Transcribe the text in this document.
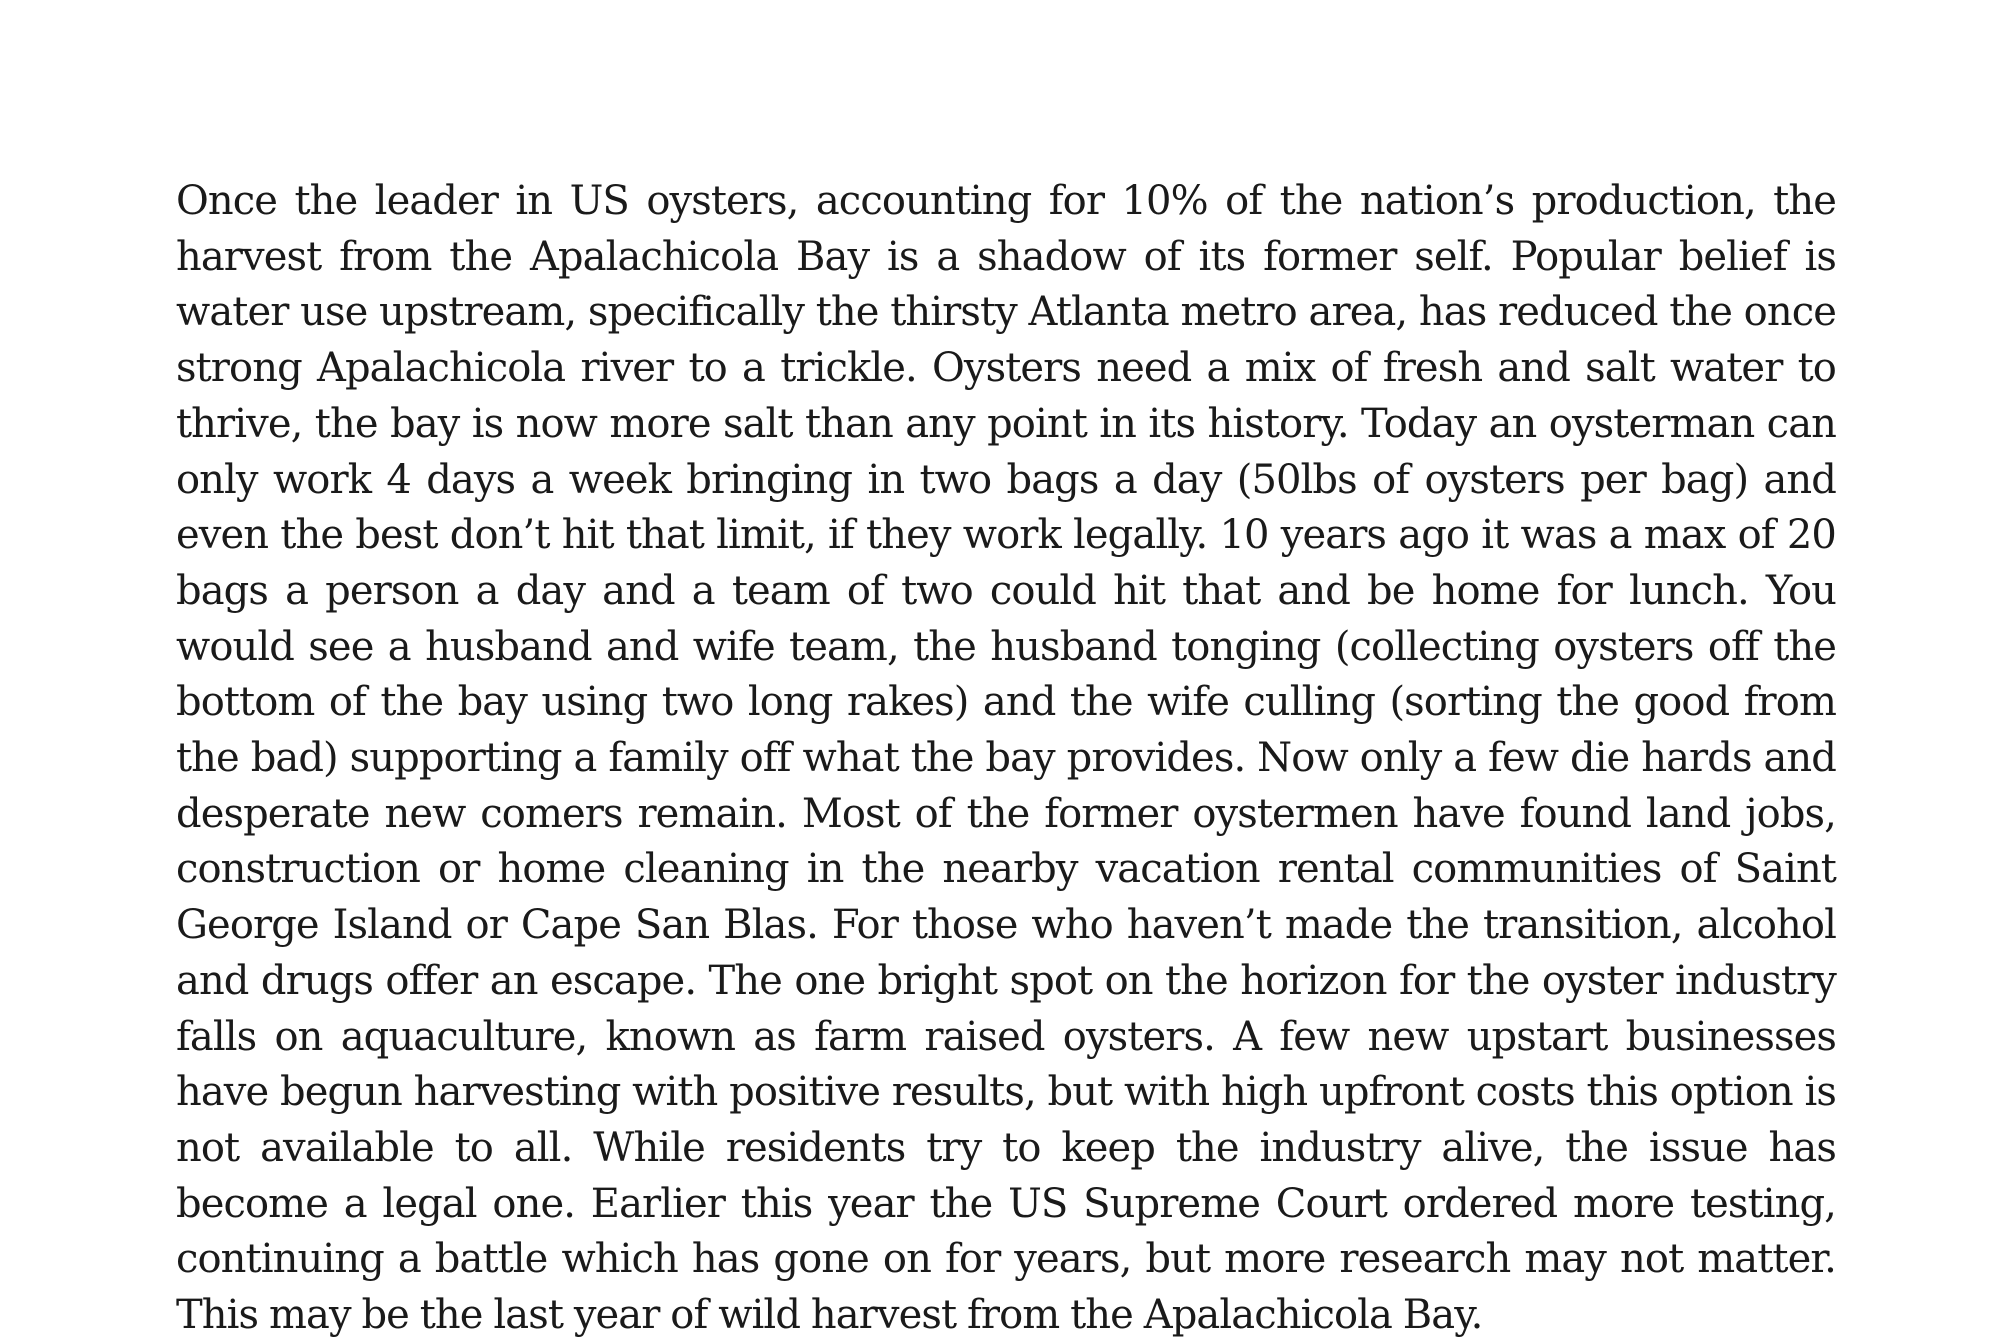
Once the leader in US oysters, accounting for 10% of the nation’s production, the harvest from the Apalachicola Bay is a shadow of its former self. Popular belief is water use upstream, specifically the thirsty Atlanta metro area, has reduced the once strong Apalachicola river to a trickle. Oysters need a mix of fresh and salt water to thrive, the bay is now more salt than any point in its history. Today an oysterman can only work 4 days a week bringing in two bags a day (50lbs of oysters per bag) and even the best don’t hit that limit, if they work legally. 10 years ago it was a max of 20 bags a person a day and a team of two could hit that and be home for lunch. You would see a husband and wife team, the husband tonging (collecting oysters off the bottom of the bay using two long rakes) and the wife culling (sorting the good from the bad) supporting a family off what the bay provides. Now only a few die hards and desperate new comers remain. Most of the former oystermen have found land jobs, construction or home cleaning in the nearby vacation rental communities of Saint George Island or Cape San Blas. For those who haven’t made the transition, alcohol and drugs offer an escape. The one bright spot on the horizon for the oyster industry falls on aquaculture, known as farm raised oysters. A few new upstart businesses have begun harvesting with positive results, but with high upfront costs this option is not available to all. While residents try to keep the industry alive, the issue has become a legal one. Earlier this year the US Supreme Court ordered more testing, continuing a battle which has gone on for years, but more research may not matter. This may be the last year of wild harvest from the Apalachicola Bay.
